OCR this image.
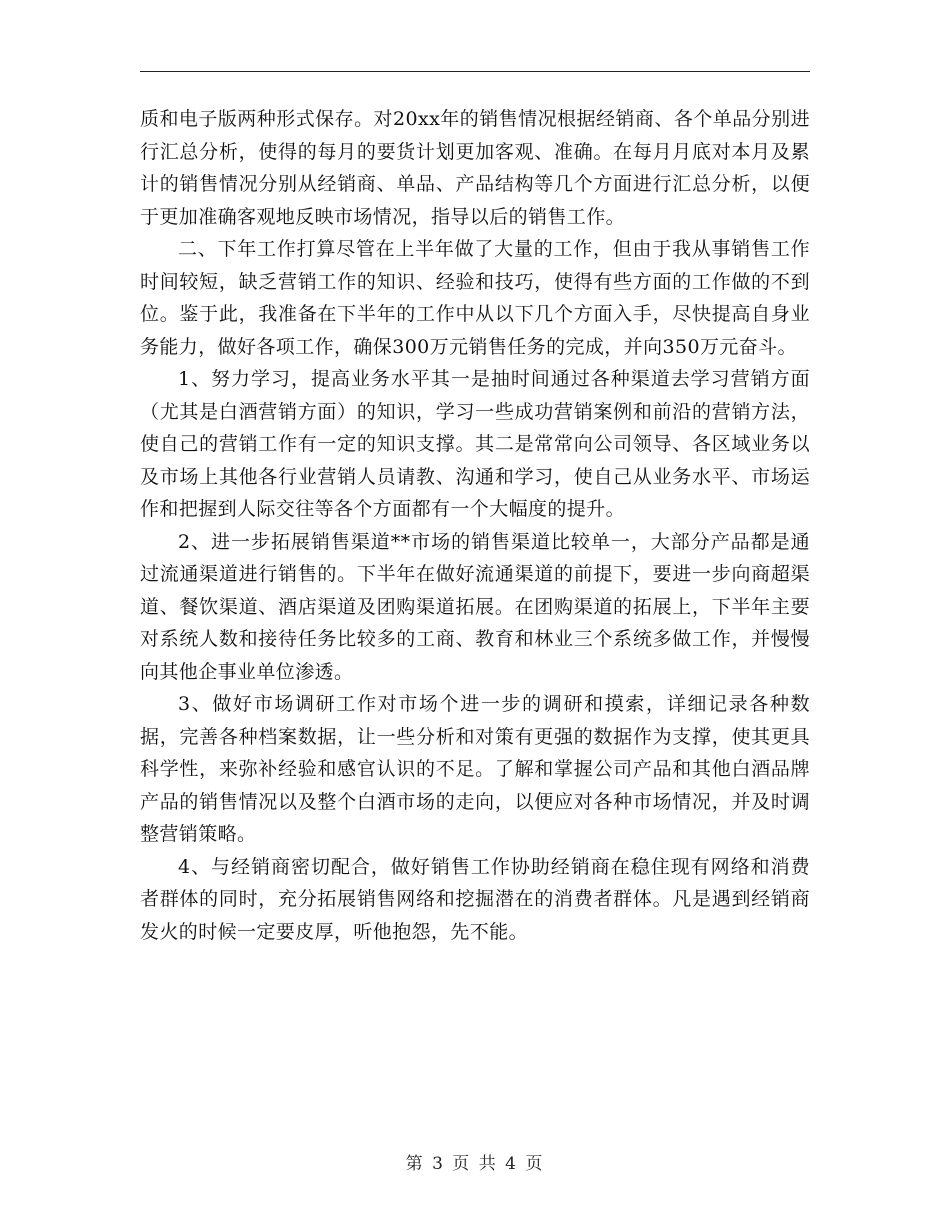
质和电子版两种形式保存。对20xx年的销售情况根据经销商、各个单品分别进行汇总分析，使得的每月的要货计划更加客观、准确。在每月月底对本月及累计的销售情况分别从经销商、单品、产品结构等几个方面进行汇总分析，以便于更加准确客观地反映市场情况，指导以后的销售工作。

二、下年工作打算尽管在上半年做了大量的工作，但由于我从事销售工作时间较短，缺乏营销工作的知识、经验和技巧，使得有些方面的工作做的不到位。鉴于此，我准备在下半年的工作中从以下几个方面入手，尽快提高自身业务能力，做好各项工作，确保300万元销售任务的完成，并向350万元奋斗。

1、努力学习，提高业务水平其一是抽时间通过各种渠道去学习营销方面（尤其是白酒营销方面）的知识，学习一些成功营销案例和前沿的营销方法，使自己的营销工作有一定的知识支撑。其二是常常向公司领导、各区域业务以及市场上其他各行业营销人员请教、沟通和学习，使自己从业务水平、市场运作和把握到人际交往等各个方面都有一个大幅度的提升。

2、进一步拓展销售渠道**市场的销售渠道比较单一，大部分产品都是通过流通渠道进行销售的。下半年在做好流通渠道的前提下，要进一步向商超渠道、餐饮渠道、酒店渠道及团购渠道拓展。在团购渠道的拓展上，下半年主要对系统人数和接待任务比较多的工商、教育和林业三个系统多做工作，并慢慢向其他企事业单位渗透。

3、做好市场调研工作对市场个进一步的调研和摸索，详细记录各种数据，完善各种档案数据，让一些分析和对策有更强的数据作为支撑，使其更具科学性，来弥补经验和感官认识的不足。了解和掌握公司产品和其他白酒品牌产品的销售情况以及整个白酒市场的走向，以便应对各种市场情况，并及时调整营销策略。

4、与经销商密切配合，做好销售工作协助经销商在稳住现有网络和消费者群体的同时，充分拓展销售网络和挖掘潜在的消费者群体。凡是遇到经销商发火的时候一定要皮厚，听他抱怨，先不能。

第 3 页 共 4 页
